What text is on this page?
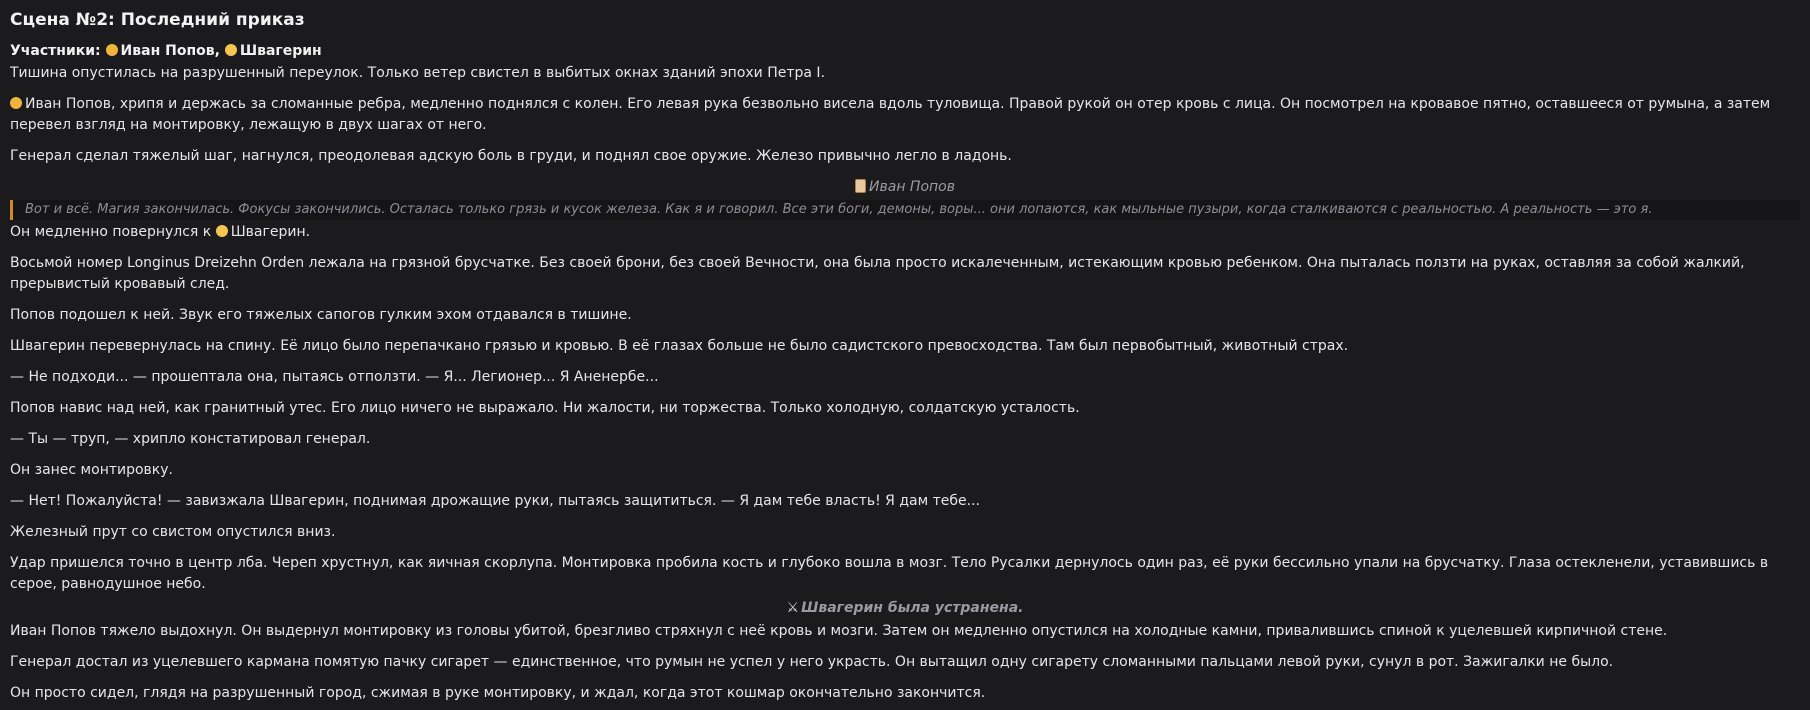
Сцена №2: Последний приказ
Участники: Иван Попов, Швагерин

Тишина опустилась на разрушенный переулок. Только ветер свистел в выбитых окнах зданий эпохи Петра I.

Иван Попов, хрипя и держась за сломанные ребра, медленно поднялся с колен. Его левая рука безвольно висела вдоль туловища. Правой рукой он отер кровь с лица. Он посмотрел на кровавое пятно, оставшееся от румына, а затем перевел взгляд на монтировку, лежащую в двух шагах от него.

Генерал сделал тяжелый шаг, нагнулся, преодолевая адскую боль в груди, и поднял свое оружие. Железо привычно легло в ладонь.

Иван Попов
Вот и всё. Магия закончилась. Фокусы закончились. Осталась только грязь и кусок железа. Как я и говорил. Все эти боги, демоны, воры... они лопаются, как мыльные пузыри, когда сталкиваются с реальностью. А реальность — это я.

Он медленно повернулся к Швагерин.

Восьмой номер Longinus Dreizehn Orden лежала на грязной брусчатке. Без своей брони, без своей Вечности, она была просто искалеченным, истекающим кровью ребенком. Она пыталась ползти на руках, оставляя за собой жалкий, прерывистый кровавый след.

Попов подошел к ней. Звук его тяжелых сапогов гулким эхом отдавался в тишине.

Швагерин перевернулась на спину. Её лицо было перепачкано грязью и кровью. В её глазах больше не было садистского превосходства. Там был первобытный, животный страх.

— Не подходи... — прошептала она, пытаясь отползти. — Я... Легионер... Я Аненербе...

Попов навис над ней, как гранитный утес. Его лицо ничего не выражало. Ни жалости, ни торжества. Только холодную, солдатскую усталость.

— Ты — труп, — хрипло констатировал генерал.

Он занес монтировку.

— Нет! Пожалуйста! — завизжала Швагерин, поднимая дрожащие руки, пытаясь защититься. — Я дам тебе власть! Я дам тебе...

Железный прут со свистом опустился вниз.

Удар пришелся точно в центр лба. Череп хрустнул, как яичная скорлупа. Монтировка пробила кость и глубоко вошла в мозг. Тело Русалки дернулось один раз, её руки бессильно упали на брусчатку. Глаза остекленели, уставившись в серое, равнодушное небо.

⚔ Швагерин была устранена.

Иван Попов тяжело выдохнул. Он выдернул монтировку из головы убитой, брезгливо стряхнул с неё кровь и мозги. Затем он медленно опустился на холодные камни, привалившись спиной к уцелевшей кирпичной стене.

Генерал достал из уцелевшего кармана помятую пачку сигарет — единственное, что румын не успел у него украсть. Он вытащил одну сигарету сломанными пальцами левой руки, сунул в рот. Зажигалки не было.

Он просто сидел, глядя на разрушенный город, сжимая в руке монтировку, и ждал, когда этот кошмар окончательно закончится.
